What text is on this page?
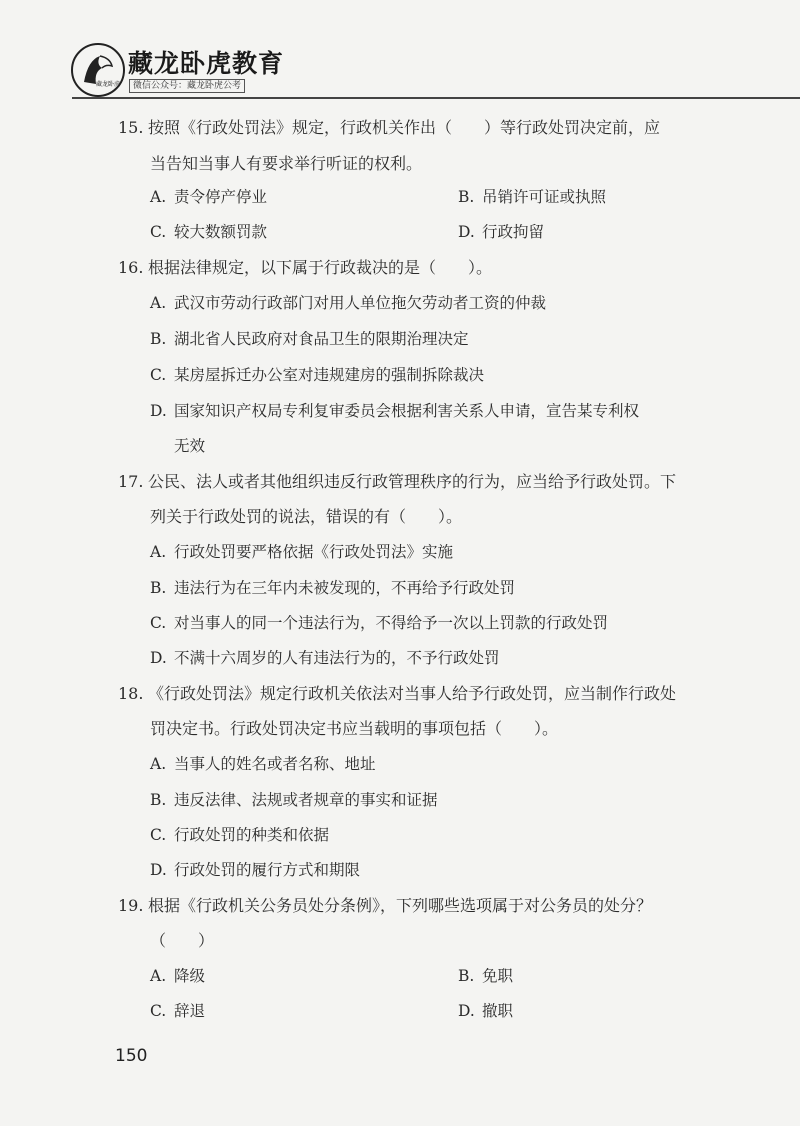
藏龙卧虎
藏龙卧虎教育
微信公众号：藏龙卧虎公考
15. 按照《行政处罚法》规定，行政机关作出（　　）等行政处罚决定前，应
当告知当事人有要求举行听证的权利。
A. 责令停产停业	B. 吊销许可证或执照
C. 较大数额罚款	D. 行政拘留
16. 根据法律规定，以下属于行政裁决的是（　　）。
A. 武汉市劳动行政部门对用人单位拖欠劳动者工资的仲裁
B. 湖北省人民政府对食品卫生的限期治理决定
C. 某房屋拆迁办公室对违规建房的强制拆除裁决
D. 国家知识产权局专利复审委员会根据利害关系人申请，宣告某专利权
无效
17. 公民、法人或者其他组织违反行政管理秩序的行为，应当给予行政处罚。下
列关于行政处罚的说法，错误的有（　　）。
A. 行政处罚要严格依据《行政处罚法》实施
B. 违法行为在三年内未被发现的，不再给予行政处罚
C. 对当事人的同一个违法行为，不得给予一次以上罚款的行政处罚
D. 不满十六周岁的人有违法行为的，不予行政处罚
18. 《行政处罚法》规定行政机关依法对当事人给予行政处罚，应当制作行政处
罚决定书。行政处罚决定书应当载明的事项包括（　　）。
A. 当事人的姓名或者名称、地址
B. 违反法律、法规或者规章的事实和证据
C. 行政处罚的种类和依据
D. 行政处罚的履行方式和期限
19. 根据《行政机关公务员处分条例》，下列哪些选项属于对公务员的处分？
（　　）
A. 降级	B. 免职
C. 辞退	D. 撤职
150
